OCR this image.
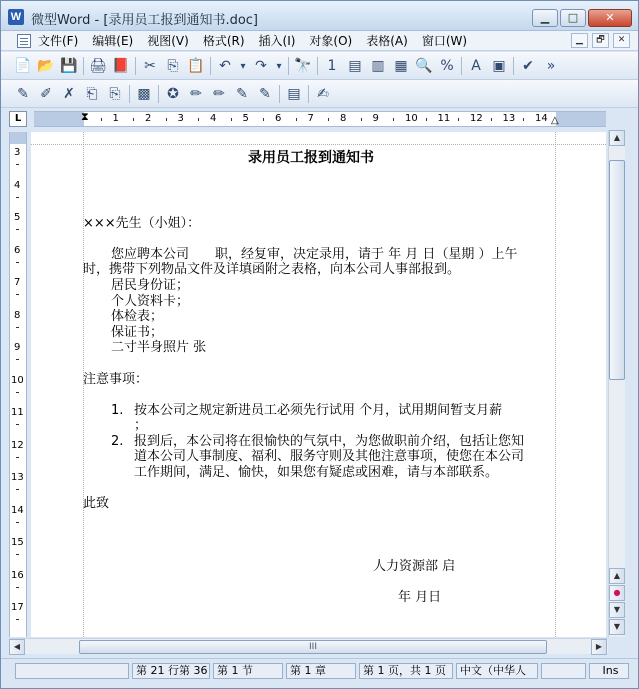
W 微型Word - [录用员工报到通知书.doc]	▁	□	✕
文件(F) 编辑(E) 视图(V) 格式(R) 插入(I) 对象(O) 表格(A) 窗口(W)	▁	🗗	✕
📄 📂 💾 🖨 📕 ✂ ⎘ 📋 ↶ ▾ ↷ ▾ 🔭	1 ▤ ▥ ▦ 🔍 %	A ▣ ✔ »
✎ ✐ ✗ ⎗ ⎘	▩ ✪ ✏ ✏ ✎ ✎ ▤ ✍
L	1	2	3	4	5	6	7	8	9	10 11 12 13 14
⧗	△
3
4
5
6
7
8
9
10
11
12
13
14
15
16
17
录用员工报到通知书
×××先生（小姐）：
您应聘本公司　　职，经复审，决定录用，请于 年 月 日（星期 ）上午
时，携带下列物品文件及详填函附之表格，向本公司人事部报到。
居民身份证；
个人资料卡；
体检表；
保证书；
二寸半身照片 张
注意事项：
1. 按本公司之规定新进员工必须先行试用 个月，试用期间暂支月薪
；
2. 报到后，本公司将在很愉快的气氛中，为您做职前介绍，包括让您知
道本公司人事制度、福利、服务守则及其他注意事项，使您在本公司
工作期间，满足、愉快，如果您有疑虑或困难，请与本部联系。
此致
人力资源部 启
年 月日
▲
▲
●
▼
▼
◀	III	▶
第 21 行第 36 第 1 节	第 1 章	第 1 页，共 1 页	中文（中华人	Ins
